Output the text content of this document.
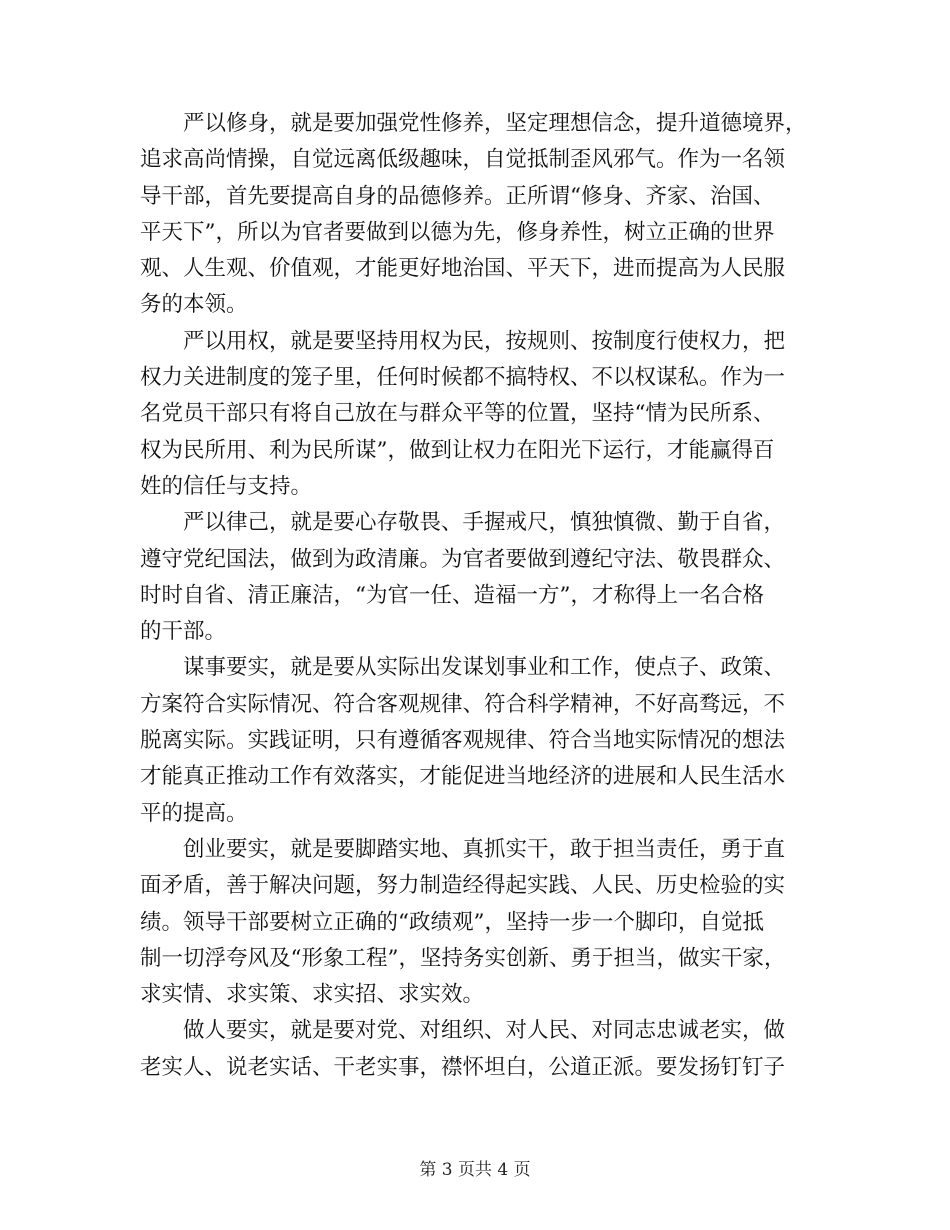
严以修身，就是要加强党性修养，坚定理想信念，提升道德境界，
追求高尚情操，自觉远离低级趣味，自觉抵制歪风邪气。作为一名领
导干部，首先要提高自身的品德修养。正所谓“修身、齐家、治国、
平天下”，所以为官者要做到以德为先，修身养性，树立正确的世界
观、人生观、价值观，才能更好地治国、平天下，进而提高为人民服
务的本领。

严以用权，就是要坚持用权为民，按规则、按制度行使权力，把
权力关进制度的笼子里，任何时候都不搞特权、不以权谋私。作为一
名党员干部只有将自己放在与群众平等的位置，坚持“情为民所系、
权为民所用、利为民所谋”，做到让权力在阳光下运行，才能赢得百
姓的信任与支持。

严以律己，就是要心存敬畏、手握戒尺，慎独慎微、勤于自省，
遵守党纪国法，做到为政清廉。为官者要做到遵纪守法、敬畏群众、
时时自省、清正廉洁，“为官一任、造福一方”，才称得上一名合格
的干部。

谋事要实，就是要从实际出发谋划事业和工作，使点子、政策、
方案符合实际情况、符合客观规律、符合科学精神，不好高骛远，不
脱离实际。实践证明，只有遵循客观规律、符合当地实际情况的想法
才能真正推动工作有效落实，才能促进当地经济的进展和人民生活水
平的提高。

创业要实，就是要脚踏实地、真抓实干，敢于担当责任，勇于直
面矛盾，善于解决问题，努力制造经得起实践、人民、历史检验的实
绩。领导干部要树立正确的“政绩观”，坚持一步一个脚印，自觉抵
制一切浮夸风及“形象工程”，坚持务实创新、勇于担当，做实干家，
求实情、求实策、求实招、求实效。

做人要实，就是要对党、对组织、对人民、对同志忠诚老实，做
老实人、说老实话、干老实事，襟怀坦白，公道正派。要发扬钉钉子

第 3 页共 4 页
